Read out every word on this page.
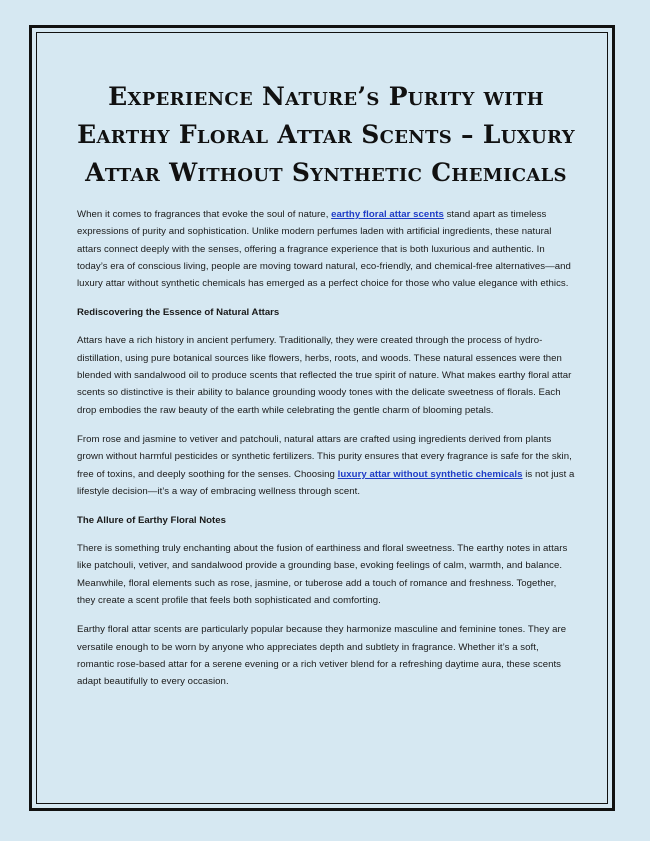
Experience Nature’s Purity with Earthy Floral Attar Scents – Luxury Attar Without Synthetic Chemicals

When it comes to fragrances that evoke the soul of nature, earthy floral attar scents stand apart as timeless expressions of purity and sophistication. Unlike modern perfumes laden with artificial ingredients, these natural attars connect deeply with the senses, offering a fragrance experience that is both luxurious and authentic. In today’s era of conscious living, people are moving toward natural, eco-friendly, and chemical-free alternatives—and luxury attar without synthetic chemicals has emerged as a perfect choice for those who value elegance with ethics.

Rediscovering the Essence of Natural Attars

Attars have a rich history in ancient perfumery. Traditionally, they were created through the process of hydro-distillation, using pure botanical sources like flowers, herbs, roots, and woods. These natural essences were then blended with sandalwood oil to produce scents that reflected the true spirit of nature. What makes earthy floral attar scents so distinctive is their ability to balance grounding woody tones with the delicate sweetness of florals. Each drop embodies the raw beauty of the earth while celebrating the gentle charm of blooming petals.

From rose and jasmine to vetiver and patchouli, natural attars are crafted using ingredients derived from plants grown without harmful pesticides or synthetic fertilizers. This purity ensures that every fragrance is safe for the skin, free of toxins, and deeply soothing for the senses. Choosing luxury attar without synthetic chemicals is not just a lifestyle decision—it’s a way of embracing wellness through scent.

The Allure of Earthy Floral Notes

There is something truly enchanting about the fusion of earthiness and floral sweetness. The earthy notes in attars like patchouli, vetiver, and sandalwood provide a grounding base, evoking feelings of calm, warmth, and balance. Meanwhile, floral elements such as rose, jasmine, or tuberose add a touch of romance and freshness. Together, they create a scent profile that feels both sophisticated and comforting.

Earthy floral attar scents are particularly popular because they harmonize masculine and feminine tones. They are versatile enough to be worn by anyone who appreciates depth and subtlety in fragrance. Whether it’s a soft, romantic rose-based attar for a serene evening or a rich vetiver blend for a refreshing daytime aura, these scents adapt beautifully to every occasion.
